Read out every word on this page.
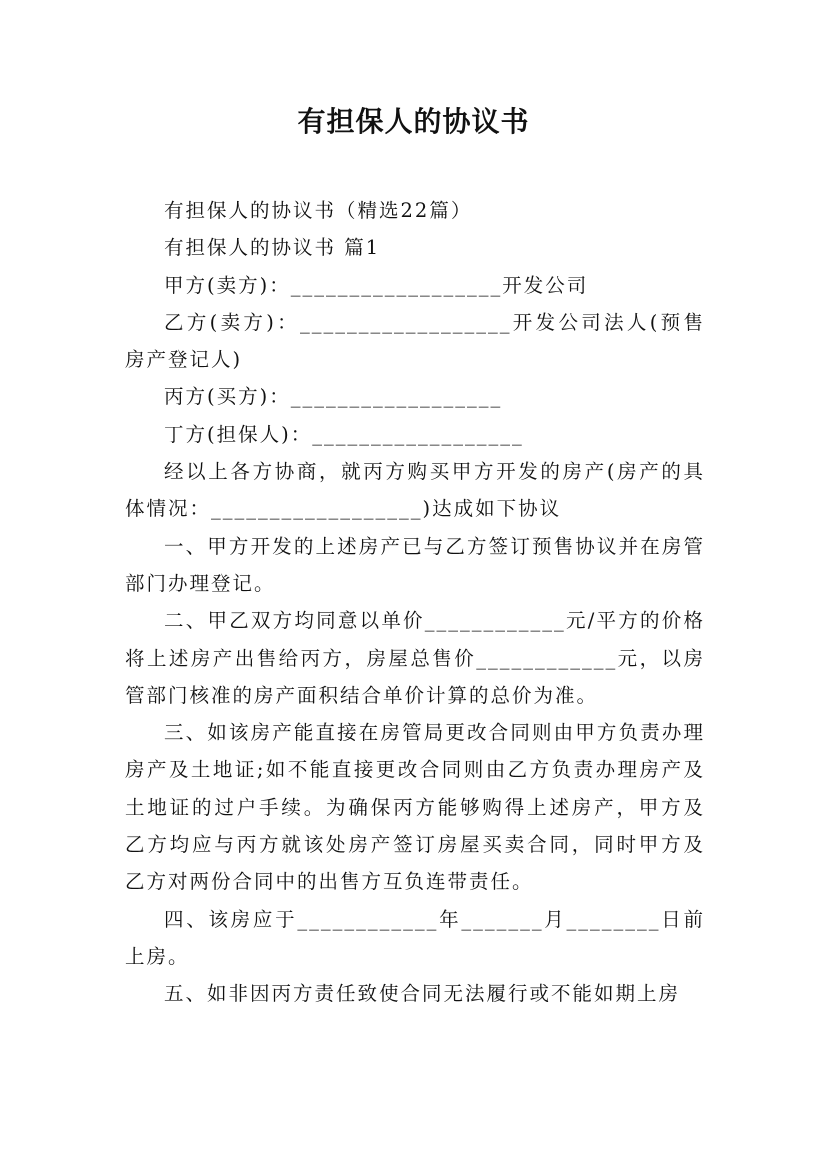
有担保人的协议书

有担保人的协议书（精选22篇）

有担保人的协议书 篇1

甲方(卖方)：__________________开发公司

乙方(卖方)：__________________开发公司法人(预售房产登记人)

丙方(买方)：__________________

丁方(担保人)：__________________

经以上各方协商，就丙方购买甲方开发的房产(房产的具体情况：__________________)达成如下协议

一、甲方开发的上述房产已与乙方签订预售协议并在房管部门办理登记。

二、甲乙双方均同意以单价____________元/平方的价格将上述房产出售给丙方，房屋总售价____________元，以房管部门核准的房产面积结合单价计算的总价为准。

三、如该房产能直接在房管局更改合同则由甲方负责办理房产及土地证;如不能直接更改合同则由乙方负责办理房产及土地证的过户手续。为确保丙方能够购得上述房产，甲方及乙方均应与丙方就该处房产签订房屋买卖合同，同时甲方及乙方对两份合同中的出售方互负连带责任。

四、该房应于____________年_______月________日前上房。

五、如非因丙方责任致使合同无法履行或不能如期上房
